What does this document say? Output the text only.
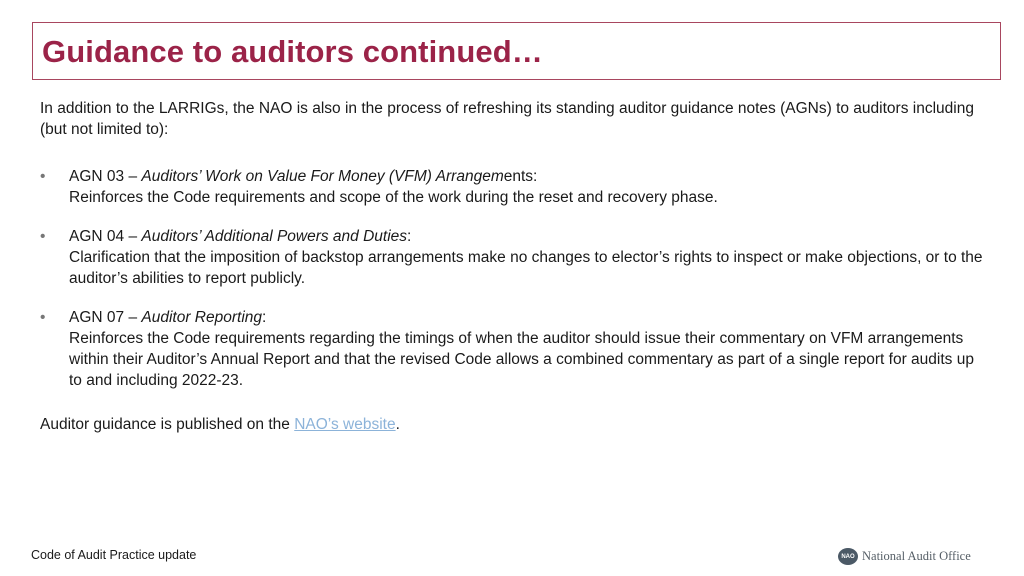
Guidance to auditors continued…

In addition to the LARRIGs, the NAO is also in the process of refreshing its standing auditor guidance notes (AGNs) to auditors including (but not limited to):

• AGN 03 – Auditors’ Work on Value For Money (VFM) Arrangements:

Reinforces the Code requirements and scope of the work during the reset and recovery phase.

• AGN 04 – Auditors’ Additional Powers and Duties:

Clarification that the imposition of backstop arrangements make no changes to elector’s rights to inspect or make objections, or to the auditor’s abilities to report publicly.

• AGN 07 – Auditor Reporting:

Reinforces the Code requirements regarding the timings of when the auditor should issue their commentary on VFM arrangements within their Auditor’s Annual Report and that the revised Code allows a combined commentary as part of a single report for audits up to and including 2022-23.

Auditor guidance is published on the NAO’s website.

Code of Audit Practice update	NAO National Audit Office
